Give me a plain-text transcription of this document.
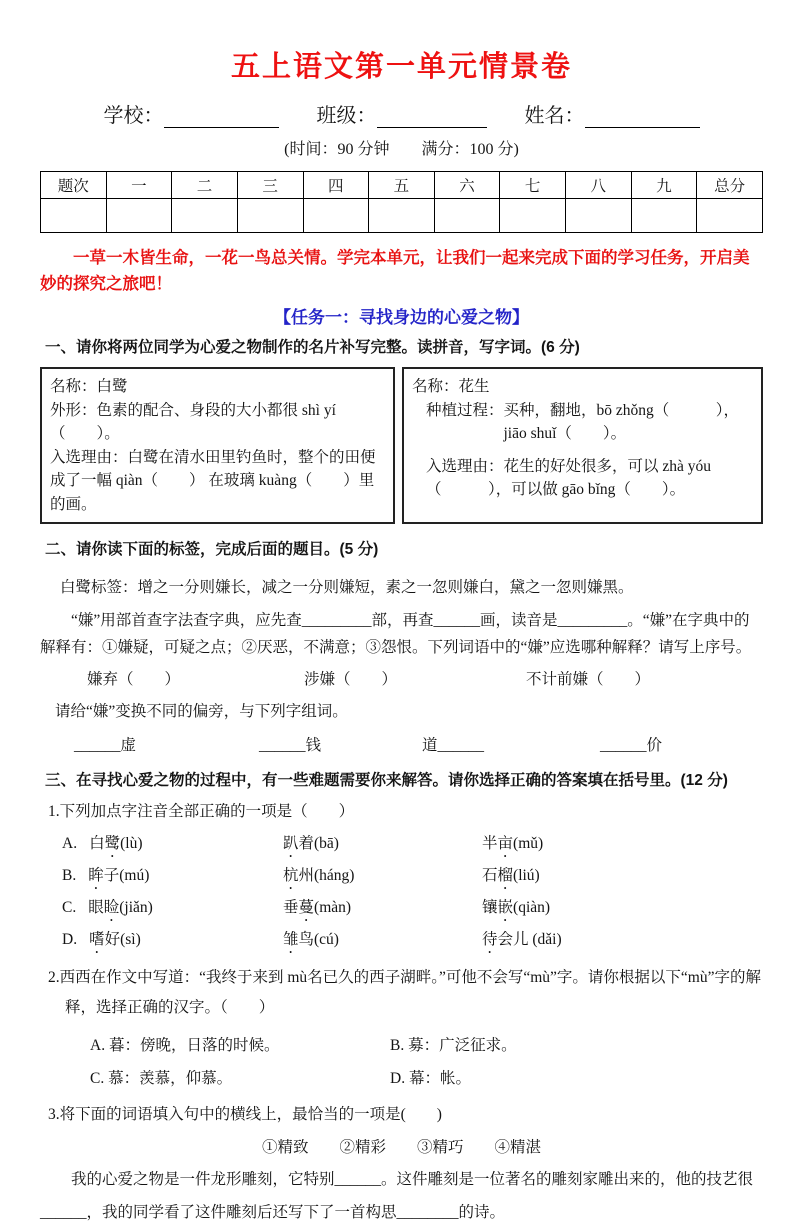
五上语文第一单元情景卷
学校：	班级：	姓名：
(时间：90 分钟　　满分：100 分)
题次	一	二	三	四	五	六	七	八	九	总分

一草一木皆生命，一花一鸟总关情。学完本单元，让我们一起来完成下面的学习任务，开启美妙的探究之旅吧！
【任务一：寻找身边的心爱之物】
一、请你将两位同学为心爱之物制作的名片补写完整。读拼音，写字词。(6 分)
名称：白鹭
外形：色素的配合、身段的大小都很 shì yí（　　）。
入选理由：白鹭在清水田里钓鱼时，整个的田便成了一幅 qiàn（　　） 在玻璃 kuàng（　　）里的画。
名称：花生
种植过程：买种，翻地，bō zhǒng（　　　），
jiāo shuǐ（　　）。
入选理由：花生的好处很多，可以 zhà yóu（　　　），可以做 gāo bǐng（　　）。
二、请你读下面的标签，完成后面的题目。(5 分)
白鹭标签：增之一分则嫌长，减之一分则嫌短，素之一忽则嫌白，黛之一忽则嫌黑。
“嫌”用部首查字法查字典，应先查_________部，再查______画，读音是_________。“嫌”在字典中的解释有：①嫌疑，可疑之点；②厌恶，不满意；③怨恨。下列词语中的“嫌”应选哪种解释？请写上序号。
嫌弃（　　）	涉嫌（　　）	不计前嫌（　　）
请给“嫌”变换不同的偏旁，与下列字组词。
______虚	______钱	道______	______价
三、在寻找心爱之物的过程中，有一些难题需要你来解答。请你选择正确的答案填在括号里。(12 分)
1.下列加点字注音全部正确的一项是（　　）
A. 白鹭(lù)	趴着(bā)	半亩(mǔ)
B. 眸子(mú)	杭州(háng)	石榴(liú)
C. 眼睑(jiǎn)	垂蔓(màn)	镶嵌(qiàn)
D. 嗜好(sì)	雏鸟(cú)	待会儿 (dǎi)
2.西西在作文中写道：“我终于来到 mù名已久的西子湖畔。”可他不会写“mù”字。请你根据以下“mù”字的解释，选择正确的汉字。（　　）
A. 暮：傍晚，日落的时候。	B. 募：广泛征求。
C. 慕：羡慕，仰慕。	D. 幕：帐。
3.将下面的词语填入句中的横线上，最恰当的一项是(　　)
①精致　　②精彩　　③精巧　　④精湛
我的心爱之物是一件龙形雕刻，它特别______。这件雕刻是一位著名的雕刻家雕出来的，他的技艺很______，我的同学看了这件雕刻后还写下了一首构思________的诗。
